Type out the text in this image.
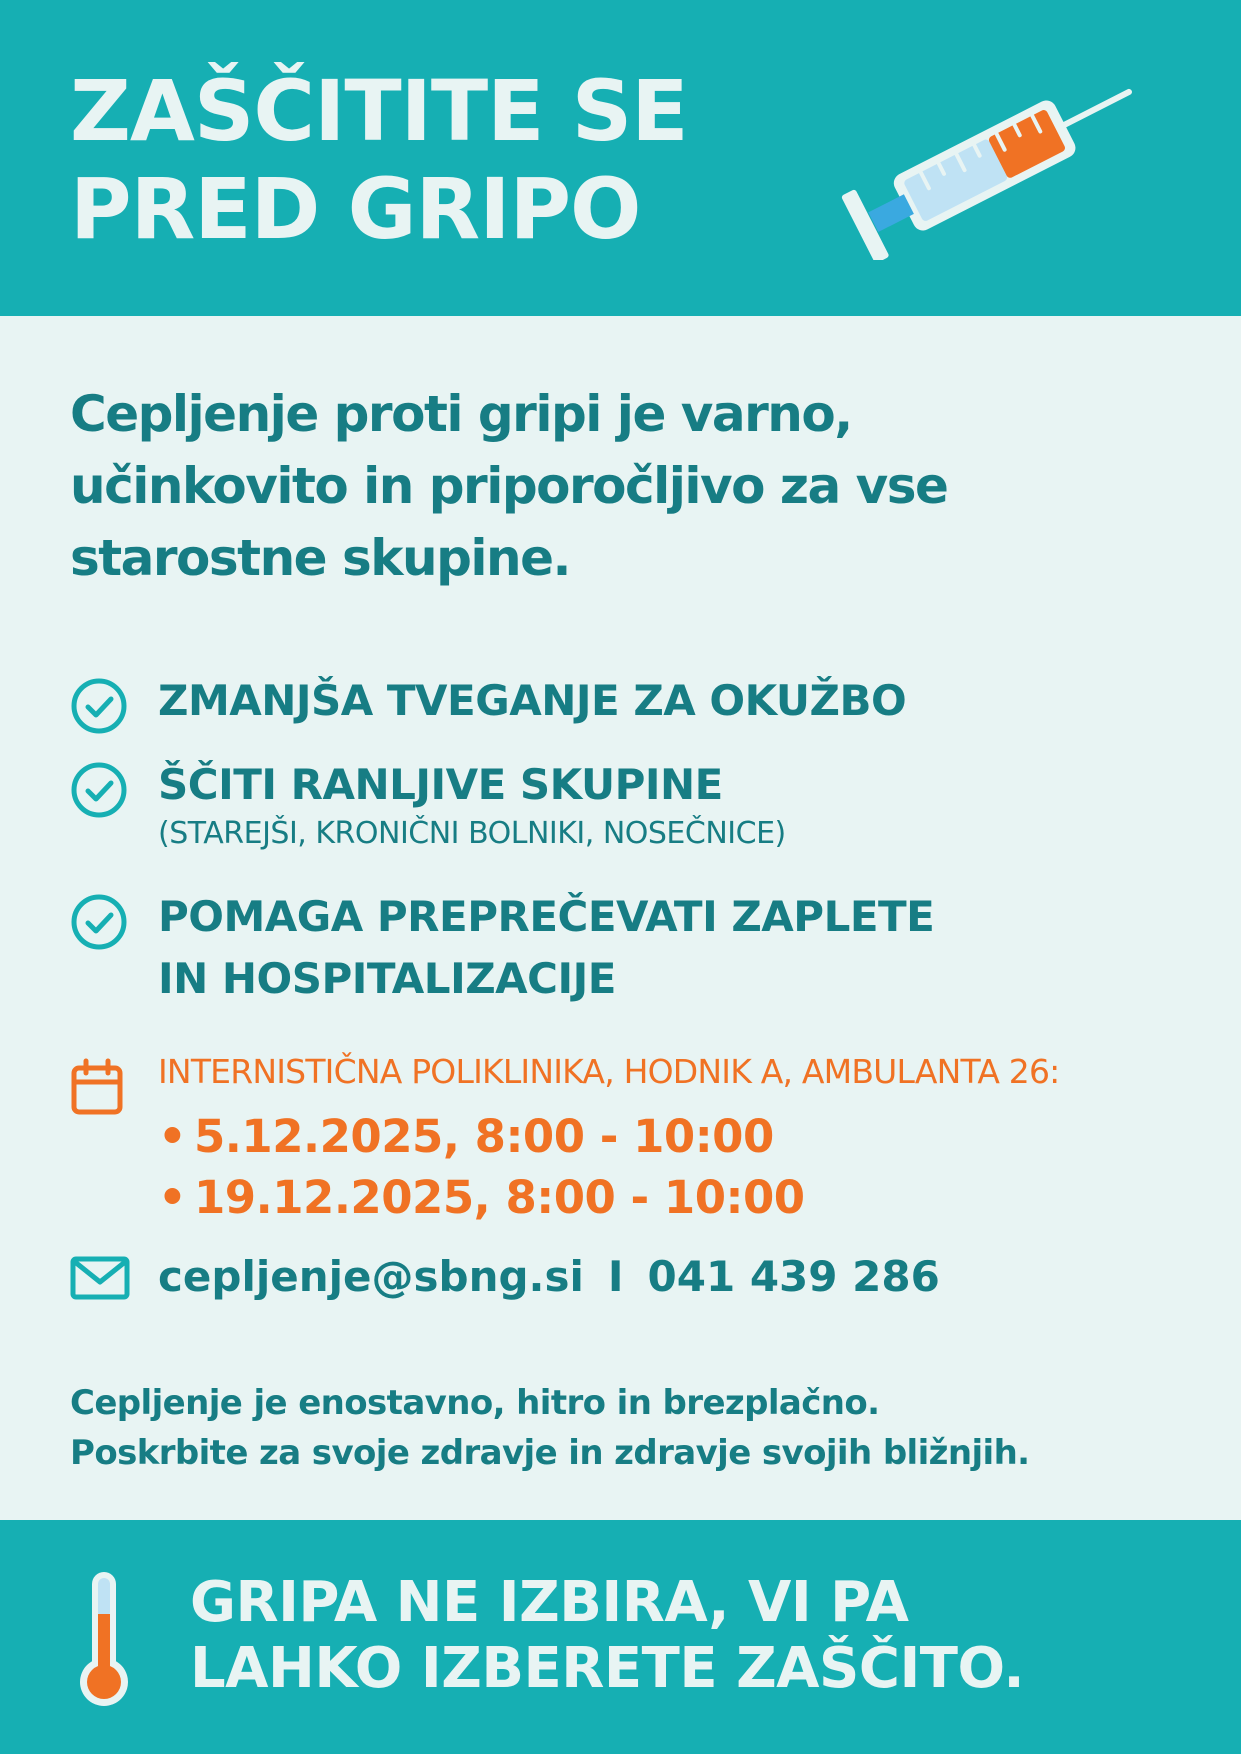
ZAŠČITITE SE
PRED GRIPO
Cepljenje proti gripi je varno,
učinkovito in priporočljivo za vse
starostne skupine.
ZMANJŠA TVEGANJE ZA OKUŽBO
ŠČITI RANLJIVE SKUPINE
(STAREJŠI, KRONIČNI BOLNIKI, NOSEČNICE)
POMAGA PREPREČEVATI ZAPLETE
IN HOSPITALIZACIJE
INTERNISTIČNA POLIKLINIKA, HODNIK A, AMBULANTA 26:
• 5.12.2025, 8:00 - 10:00
• 19.12.2025, 8:00 - 10:00
cepljenje@sbng.si I 041 439 286
Cepljenje je enostavno, hitro in brezplačno.
Poskrbite za svoje zdravje in zdravje svojih bližnjih.
GRIPA NE IZBIRA, VI PA
LAHKO IZBERETE ZAŠČITO.
